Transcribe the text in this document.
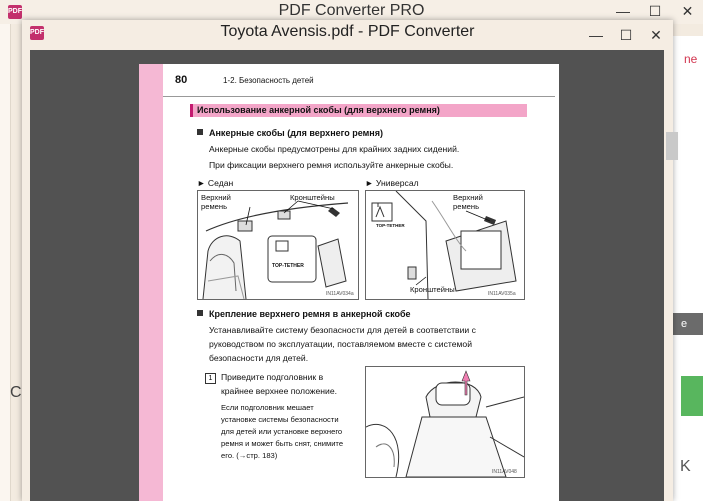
PDF	PDF Converter PRO	—	☐	✕
ne
e
C
K
PDF	Toyota Avensis.pdf - PDF Converter	—	☐	✕
80	1-2. Безопасность детей
Использование анкерной скобы (для верхнего ремня)
Анкерные скобы (для верхнего ремня)
Анкерные скобы предусмотрены для крайних задних сидений.
При фиксации верхнего ремня используйте анкерные скобы.
► Седан	► Универсал
Верхний ремень
Кронштейны
TOP-TETHER
IN11AV034a
Верхний ремень
Кронштейны
TOP-TETHER
IN11AV035a
Крепление верхнего ремня в анкерной скобе
Устанавливайте систему безопасности для детей в соответствии с
руководством по эксплуатации, поставляемом вместе с системой
безопасности для детей.
1 Приведите подголовник в
крайнее верхнее положение.
Если подголовник мешает
установке системы безопасности
для детей или установке верхнего
ремня и может быть снят, снимите
его. (→стр. 183)
IN11AV048
